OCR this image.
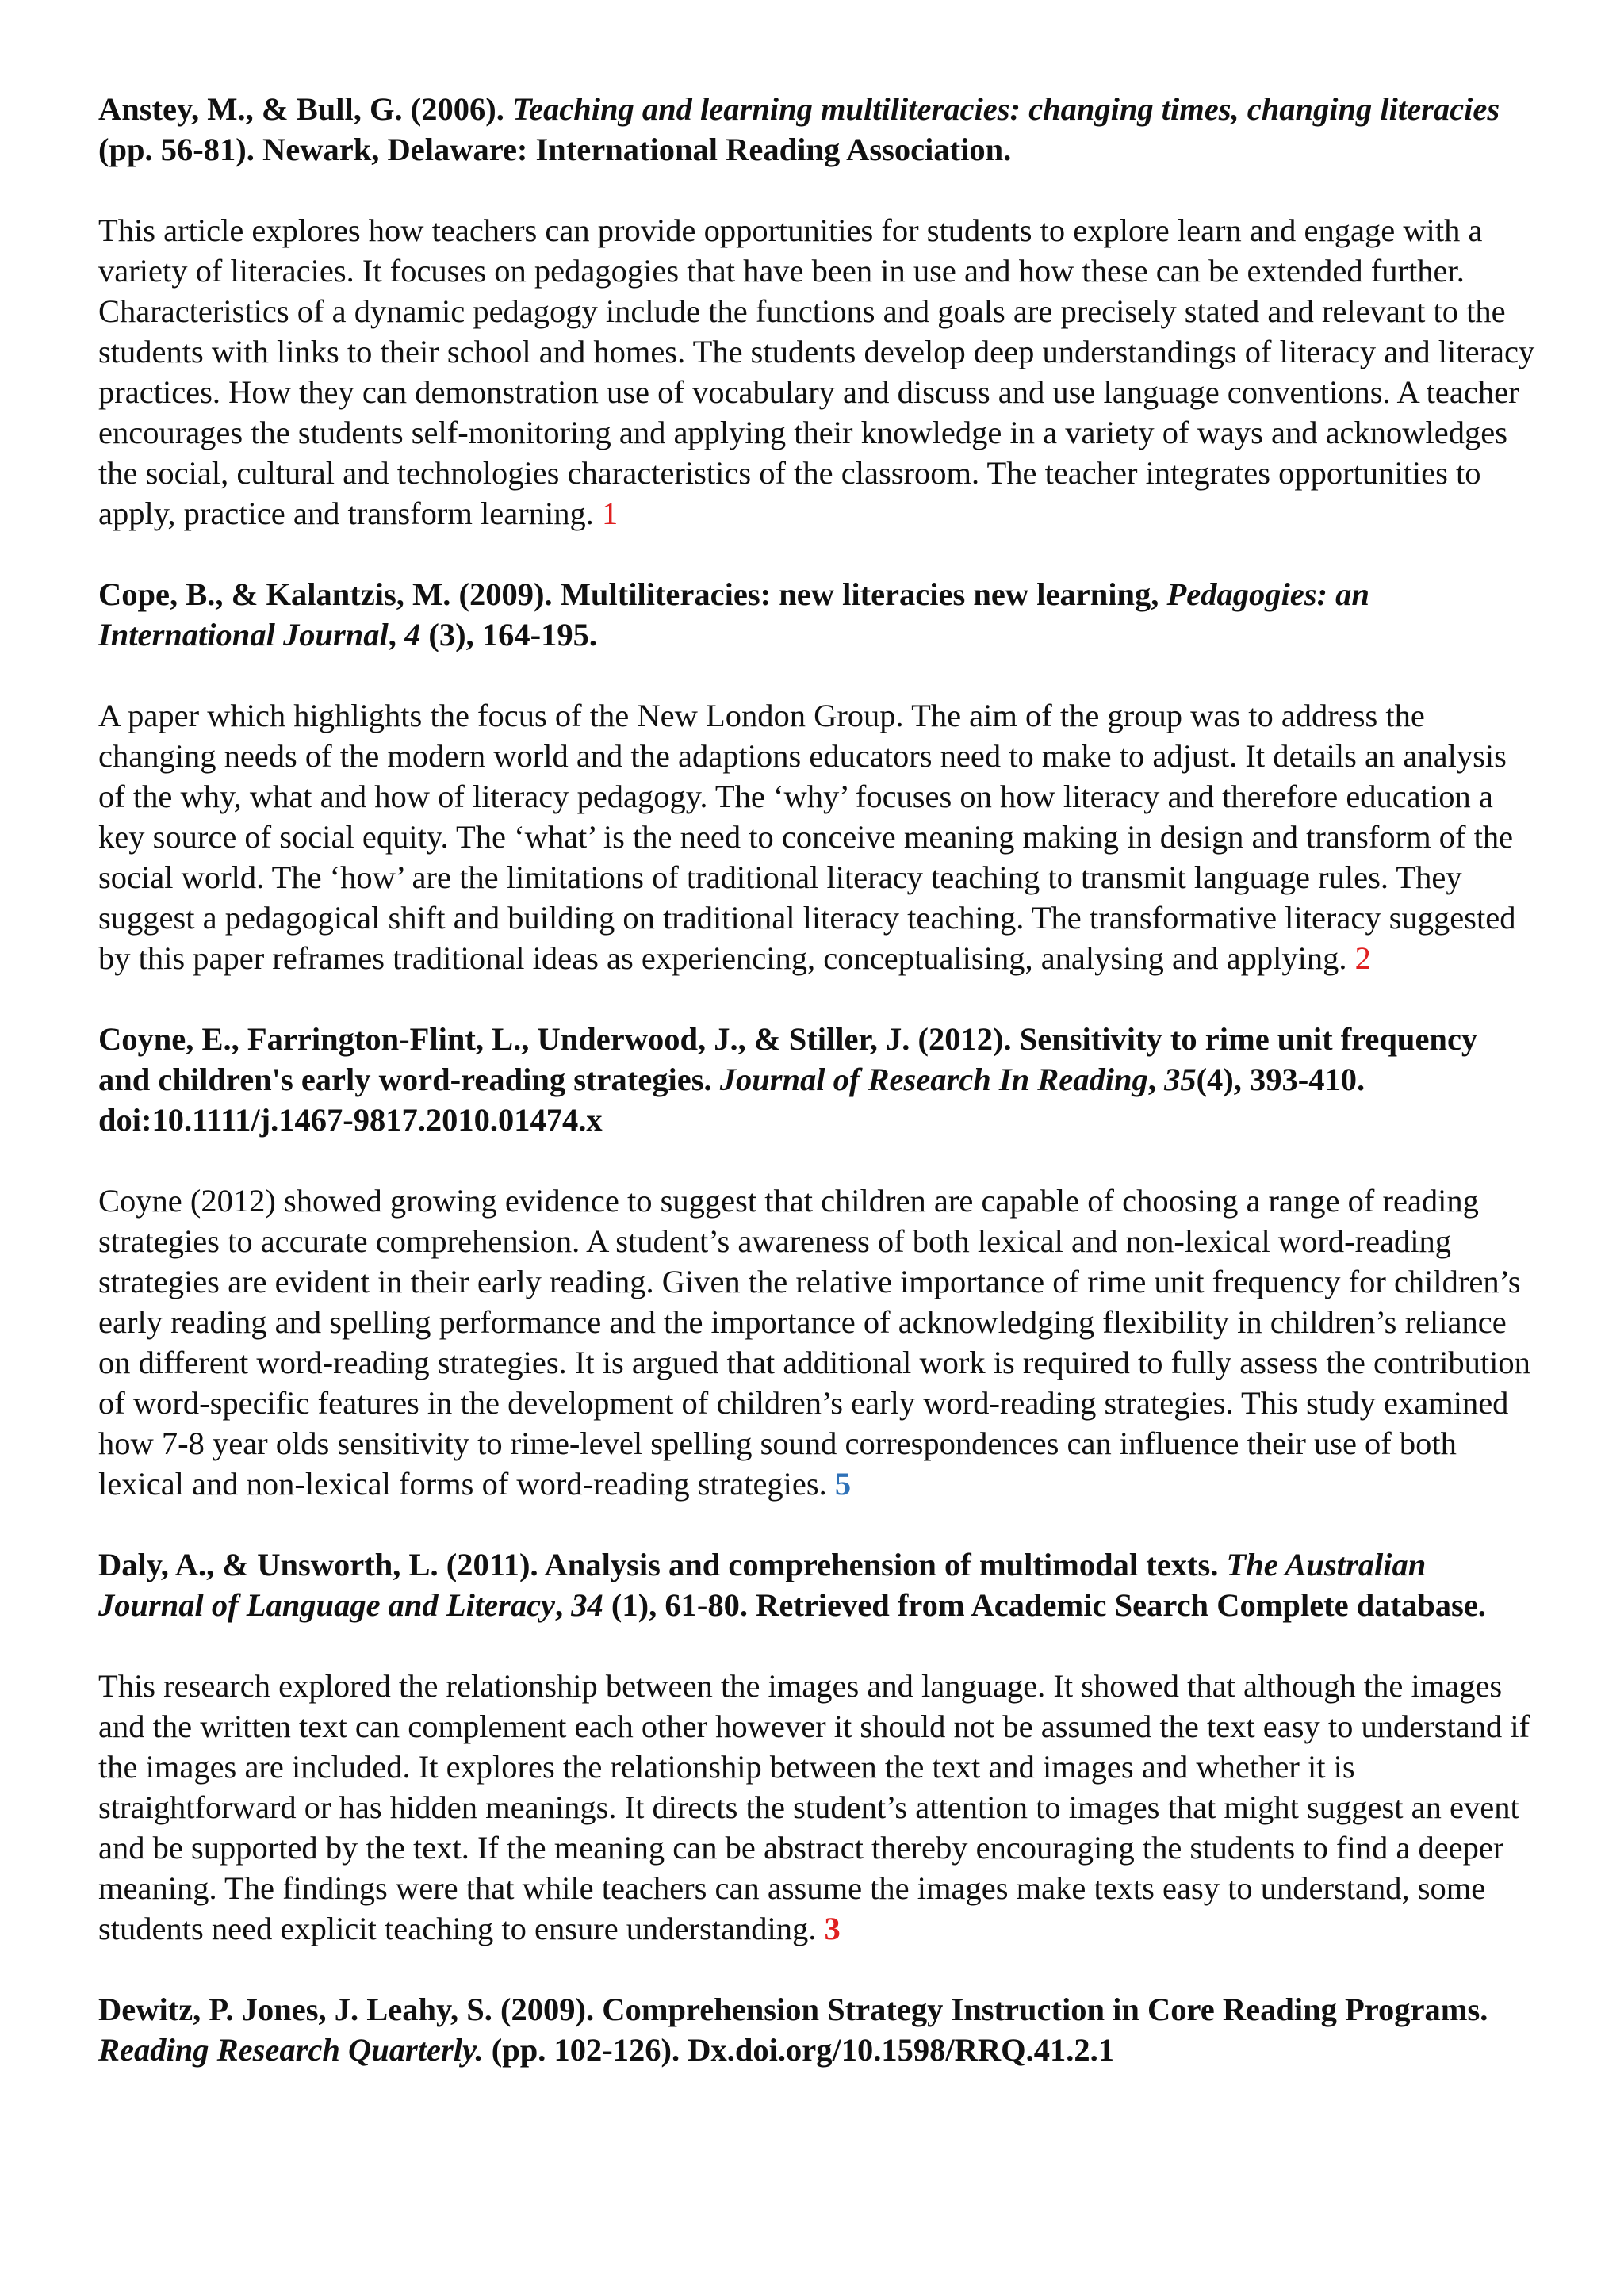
Anstey, M., & Bull, G. (2006). Teaching and learning multiliteracies: changing times, changing literacies (pp. 56-81). Newark, Delaware: International Reading Association.

This article explores how teachers can provide opportunities for students to explore learn and engage with a variety of literacies. It focuses on pedagogies that have been in use and how these can be extended further. Characteristics of a dynamic pedagogy include the functions and goals are precisely stated and relevant to the students with links to their school and homes. The students develop deep understandings of literacy and literacy practices. How they can demonstration use of vocabulary and discuss and use language conventions. A teacher encourages the students self-monitoring and applying their knowledge in a variety of ways and acknowledges the social, cultural and technologies characteristics of the classroom. The teacher integrates opportunities to apply, practice and transform learning. 1

Cope, B., & Kalantzis, M. (2009). Multiliteracies: new literacies new learning, Pedagogies: an International Journal, 4 (3), 164-195.

A paper which highlights the focus of the New London Group. The aim of the group was to address the changing needs of the modern world and the adaptions educators need to make to adjust. It details an analysis of the why, what and how of literacy pedagogy. The ‘why’ focuses on how literacy and therefore education a key source of social equity. The ‘what’ is the need to conceive meaning making in design and transform of the social world. The ‘how’ are the limitations of traditional literacy teaching to transmit language rules. They suggest a pedagogical shift and building on traditional literacy teaching. The transformative literacy suggested by this paper reframes traditional ideas as experiencing, conceptualising, analysing and applying. 2

Coyne, E., Farrington-Flint, L., Underwood, J., & Stiller, J. (2012). Sensitivity to rime unit frequency and children's early word-reading strategies. Journal of Research In Reading, 35(4), 393-410. doi:10.1111/j.1467-9817.2010.01474.x

Coyne (2012) showed growing evidence to suggest that children are capable of choosing a range of reading strategies to accurate comprehension. A student’s awareness of both lexical and non-lexical word-reading strategies are evident in their early reading. Given the relative importance of rime unit frequency for children’s early reading and spelling performance and the importance of acknowledging flexibility in children’s reliance on different word-reading strategies. It is argued that additional work is required to fully assess the contribution of word-specific features in the development of children’s early word-reading strategies. This study examined how 7-8 year olds sensitivity to rime-level spelling sound correspondences can influence their use of both lexical and non-lexical forms of word-reading strategies. 5

Daly, A., & Unsworth, L. (2011). Analysis and comprehension of multimodal texts. The Australian Journal of Language and Literacy, 34 (1), 61-80. Retrieved from Academic Search Complete database.

This research explored the relationship between the images and language. It showed that although the images and the written text can complement each other however it should not be assumed the text easy to understand if the images are included. It explores the relationship between the text and images and whether it is straightforward or has hidden meanings. It directs the student’s attention to images that might suggest an event and be supported by the text. If the meaning can be abstract thereby encouraging the students to find a deeper meaning. The findings were that while teachers can assume the images make texts easy to understand, some students need explicit teaching to ensure understanding. 3

Dewitz, P. Jones, J. Leahy, S. (2009). Comprehension Strategy Instruction in Core Reading Programs. Reading Research Quarterly. (pp. 102-126). Dx.doi.org/10.1598/RRQ.41.2.1
